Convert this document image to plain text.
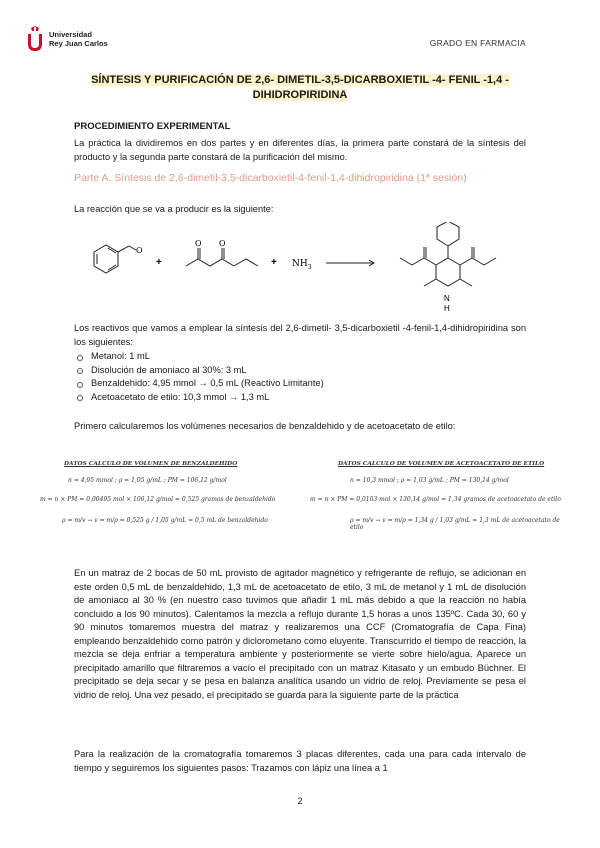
Universidad
Rey Juan Carlos	GRADO EN FARMACIA
SÍNTESIS Y PURIFICACIÓN DE 2,6- DIMETIL-3,5-DICARBOXIETIL -4- FENIL -1,4 -DIHIDROPIRIDINA
PROCEDIMIENTO EXPERIMENTAL
La práctica la dividiremos en dos partes y en diferentes días, la primera parte constará de la síntesis del producto y la segunda parte constará de la purificación del mismo.
Parte A. Síntesis de 2,6-dimetil-3,5-dicarboxietil-4-fenil-1,4-dihidropiridina (1ª sesión)
La reacción que se va a producir es la siguiente:
O
+
O O
+ $NH_3$
N
H
Los reactivos que vamos a emplear la síntesis del 2,6-dimetil- 3,5-dicarboxietil -4-fenil-1,4-dihidropiridina son los siguientes:
Metanol: 1 mL
Disolución de amoniaco al 30%: 3 mL
Benzaldehido: 4,95 mmol → 0,5 mL (Reactivo Limitante)
Acetoacetato de etilo: 10,3 mmol → 1,3 mL
Primero calcularemos los volúmenes necesarios de benzaldehido y de acetoacetato de etilo:
DATOS CALCULO DE VOLUMEN DE BENZALDEHIDO
n = 4,95 mmol ; ρ = 1,05 g/mL ; PM = 106,12 g/mol
m = n × PM = 0,00495 mol × 106,12 g/mol = 0,525 gramos de benzaldehido
ρ = m/v → v = m/ρ = 0,525 g / 1,05 g/mL = 0,5 mL de benzaldehido
DATOS CALCULO DE VOLUMEN DE ACETOACETATO DE ETILO
n = 10,3 mmol ; ρ = 1,03 g/mL ; PM = 130,14 g/mol
m = n × PM = 0,0103 mol × 130,14 g/mol = 1,34 gramos de acetoacetato de etilo
ρ = m/v → v = m/ρ = 1,34 g / 1,03 g/mL = 1,3 mL de acetoacetato de etilo
En un matraz de 2 bocas de 50 mL provisto de agitador magnético y refrigerante de reflujo, se adicionan en este orden 0,5 mL de benzaldehido, 1,3 mL de acetoacetato de etilo, 3 mL de metanol y 1 mL de disolución de amoniaco al 30 % (en nuestro caso tuvimos que añadir 1 mL más debido a que la reacción no había concluido a los 90 minutos). Calentamos la mezcla a reflujo durante 1,5 horas a unos 135ºC. Cada 30, 60 y 90 minutos tomaremos muestra del matraz y realizaremos una CCF (Cromatografía de Capa Fina) empleando benzaldehido como patrón y diclorometano como eluyente. Transcurrido el tiempo de reacción, la mezcla se deja enfriar a temperatura ambiente y posteriormente se vierte sobre hielo/agua. Aparece un precipitado amarillo que filtraremos a vacío el precipitado con un matraz Kitasato y un embudo Büchner. El precipitado se deja secar y se pesa en balanza analítica usando un vidrio de reloj. Previamente se pesa el vidrio de reloj. Una vez pesado, el precipitado se guarda para la siguiente parte de la práctica
Para la realización de la cromatografía tomaremos 3 placas diferentes, cada una para cada intervalo de tiempo y seguiremos los siguientes pasos: Trazamos con lápiz una línea a 1
2
